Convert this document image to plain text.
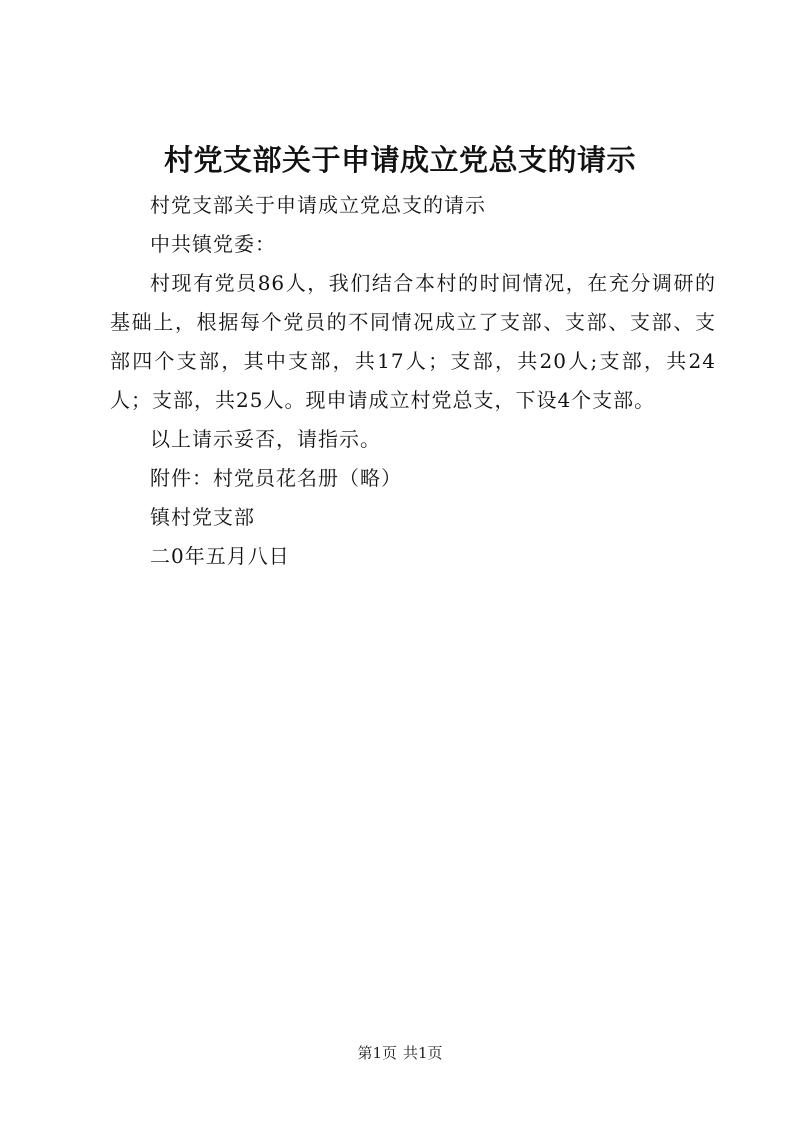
村党支部关于申请成立党总支的请示

村党支部关于申请成立党总支的请示

中共镇党委：

村现有党员86人，我们结合本村的时间情况，在充分调研的基础上，根据每个党员的不同情况成立了支部、支部、支部、支部四个支部，其中支部，共17人；支部，共20人;支部，共24人；支部，共25人。现申请成立村党总支，下设4个支部。

以上请示妥否，请指示。

附件：村党员花名册（略）

镇村党支部

二0年五月八日

第1页 共1页
